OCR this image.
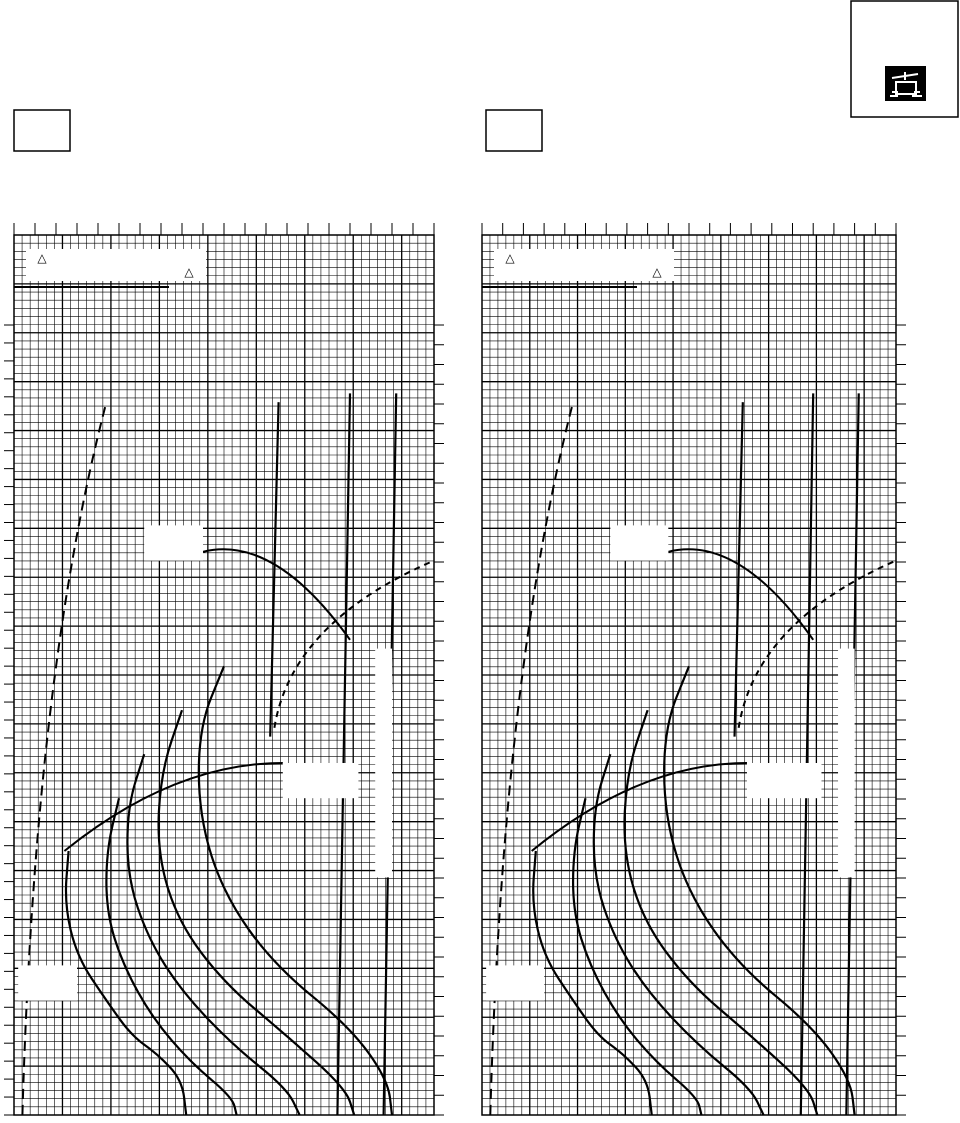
△
△
△
△
